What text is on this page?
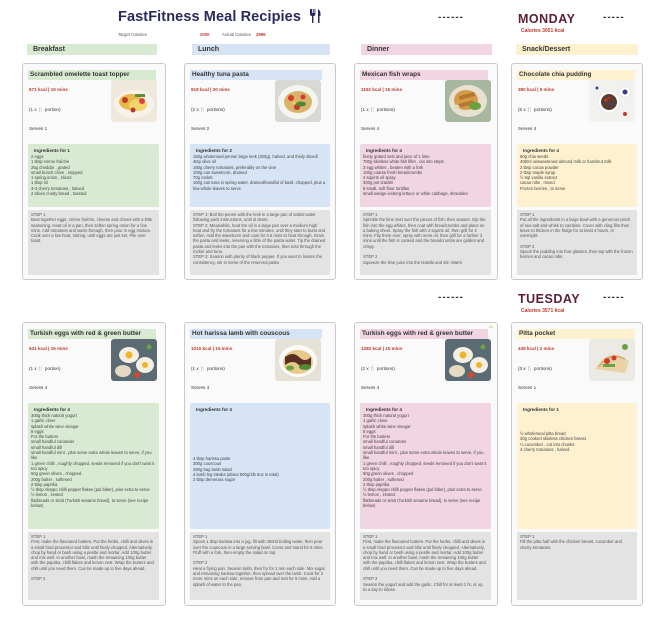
FastFitness Meal Recipies
Target Calories	2000	Actual Calories 2999
------	MONDAY	-----
Calories 3051 kcal
------	TUESDAY -----
Calories 3571 kcal
Breakfast	Lunch	Dinner	Snack/Dessert
Scrambled omelette toast topper
571 kcal | 10 mins
(1 x 🍴 portion)
Serves 1
Ingredients for 1
2 eggs
1 tbsp crème fraîche
25g cheddar , grated
small bunch chive , snipped
1 spring onion , sliced
1 tbsp oil
3-4 cherry tomatoes , halved
2 slices crusty bread , toasted
STEP 1
Beat together eggs, crème fraîche, cheese and chives with a little seasoning. Heat oil in a pan, then soften spring onion for a few mins. Add tomatoes and warm through, then pour in egg mixture. Cook over a low heat, stirring, until eggs are just set. Pile over toast.
Healthy tuna pasta
918 kcal | 20 mins
(2 x 🍴 portions)
Serves 2
Ingredients for 2
150g wholemeal penne/ large leek (300g), halved, and thinly sliced/ 4tsp olive oil
160g cherry tomatoes, preferably on the vine
100g can sweetcorn, drained
70g rocket
160g can tuna in spring water, drained/handful of basil, chopped, plus a few whole leaves to serve
STEP 1: Boil the penne with the leek in a large pan of salted water following pack instructions, until al dente.
STEP 2: Meanwhile, heat the oil in a large pan over a medium-high heat and fry the tomatoes for a few minutes, until they start to burst and soften. Add the sweetcorn and cook for 0.5 mins to heat through. Drain the pasta and leeks, reserving a little of the pasta water. Tip the drained pasta and leeks into the pan with the tomatoes, then toss through the rocket and tuna.
STEP 3: Season with plenty of black pepper. If you want to loosen the consistency, stir in some of the reserved pasta
Mexican fish wraps
1152 kcal | 15 mins
(1 x 🍴 portions)
Serves 4
Ingredients for 4
finely grated zest and juice of 1 lime
700g skinless white fish fillet , cut into strips
3 egg whites , beaten with a fork
100g coarse fresh breadcrumbs
4 squirts oil spray
300g pot tzatziki
8 small, soft flour tortillas
small wedge iceberg lettuce or white cabbage, shredded
STEP 1
Sprinkle the lime zest over the pieces of fish, then season. Dip the fish into the egg whites, then coat with breadcrumbs and place on a baking sheet. Spray the fish with 2 squirts oil, then grill for 2 mins. Flip them over, spray with more oil, then grill for a further 3 mins until the fish is cooked and the breadcrumbs are golden and crispy.

STEP 2
Squeeze the lime juice into the tzatziki and stir. Warm
Chocolate chia pudding
390 kcal | 5 mins
(5 x 🍴 portions)
Serves 4
Ingredients for 4
60g chia seeds
400ml unsweetened almond milk or hazelnut milk
3 tbsp cocoa powder
2 tbsp maple syrup
½ tsp vanilla extract
cacao nibs , mixed
Frozen berries , to serve
STEP 1
Put all the ingredients in a large bowl with a generous pinch of sea salt and whisk to combine. Cover with cling film then leave to thicken in the fridge for at least 4 hours, or overnight.

STEP 2
Spoon the pudding into four glasses, then top with the frozen berries and cacao nibs.
Turkish eggs with red & green butter
641 kcal | 15 mins
(1 x 🍴 portion)
Serves 4
Ingredients for 4
300g thick natural yogurt
1 garlic clove
splash white wine vinegar
8 eggs
For the butters
small handful coriander
small handful dill
small handful mint , plus some extra whole leaves to serve, if you like
1 green chilli , roughly chopped, seeds removed if you don't want it too spicy
50g green olives , chopped
200g butter , softened
2 tbsp paprika
½ tbsp Aleppo chilli pepper flakes (pul biber), plus extra to serve
½ lemon , zested
flatbreads or simit (Turkish sesame bread), to serve (see recipe below)
STEP 1
First, make the flavoured butters. Put the herbs, chilli and olives in a small food processor and blitz until finely chopped. Alternatively, chop by hand or bash using a pestle and mortar. Add 100g butter and mix well. In another bowl, mash the remaining 100g butter with the paprika, chilli flakes and lemon zest. Wrap the butters and chill until you need them. Can be made up to five days ahead.

STEP 2
Hot harissa lamb with couscous
1010 kcal | 15 mins
(1 x 🍴 portions)
Serves 4
Ingredients for 4
4 tbsp harissa paste
300g couscous
250g bag lamb salad
4 lamb leg steaks (about 600g/1lb 5oz in total)
2 tbsp demerara sugar
STEP 1
Spoon 1 tbsp harissa into a jug, fill with 400ml boiling water, then pour over the couscous in a large serving bowl. Cover and stand for 5 mins. Fluff with a fork, then empty the salad on top.

STEP 2
Heat a frying pan. Season lamb, then fry for 1 min each side. Mix sugar and remaining harissa together, then spread over the lamb. Cook for 2 more mins on each side, remove from pan and rest for 5 mins. Add a splash of water to the pan,
2x
Turkish eggs with red & green butter
1282 kcal | 15 mins
(2 x 🍴 portions)
Serves 4
Ingredients for 4
300g thick natural yogurt
1 garlic clove
splash white wine vinegar
8 eggs
For the butters
small handful coriander
small handful dill
small handful mint , plus some extra whole leaves to serve, if you like
1 green chilli , roughly chopped, seeds removed if you don't want it too spicy
50g green olives , chopped
200g butter , softened
2 tbsp paprika
½ tbsp Aleppo chilli pepper flakes (pul biber), plus extra to serve
½ lemon , zested
flatbreads or simit (Turkish sesame bread), to serve (see recipe below)
STEP 1
First, make the flavoured butters. Put the herbs, chilli and olives in a small food processor and blitz until finely chopped. Alternatively, chop by hand or bash using a pestle and mortar. Add 100g butter and mix well. In another bowl, mash the remaining 100g butter with the paprika, chilli flakes and lemon zest. Wrap the butters and chill until you need them. Can be made up to five days ahead.

STEP 2
Season the yogurt and add the garlic. Chill for at least 1 hr, or up to a day to infuse.
Pitta pocket
438 kcal | 2 mins
(3 x 🍴 portions)
Serves 1
Ingredients for 1
½ wholemeal pitta bread
30g cooked skinless chicken breast
¼ cucumber , cut into chunks
4 cherry tomatoes , halved
STEP 1
Fill the pitta half with the chicken breast, cucumber and cherry tomatoes.
